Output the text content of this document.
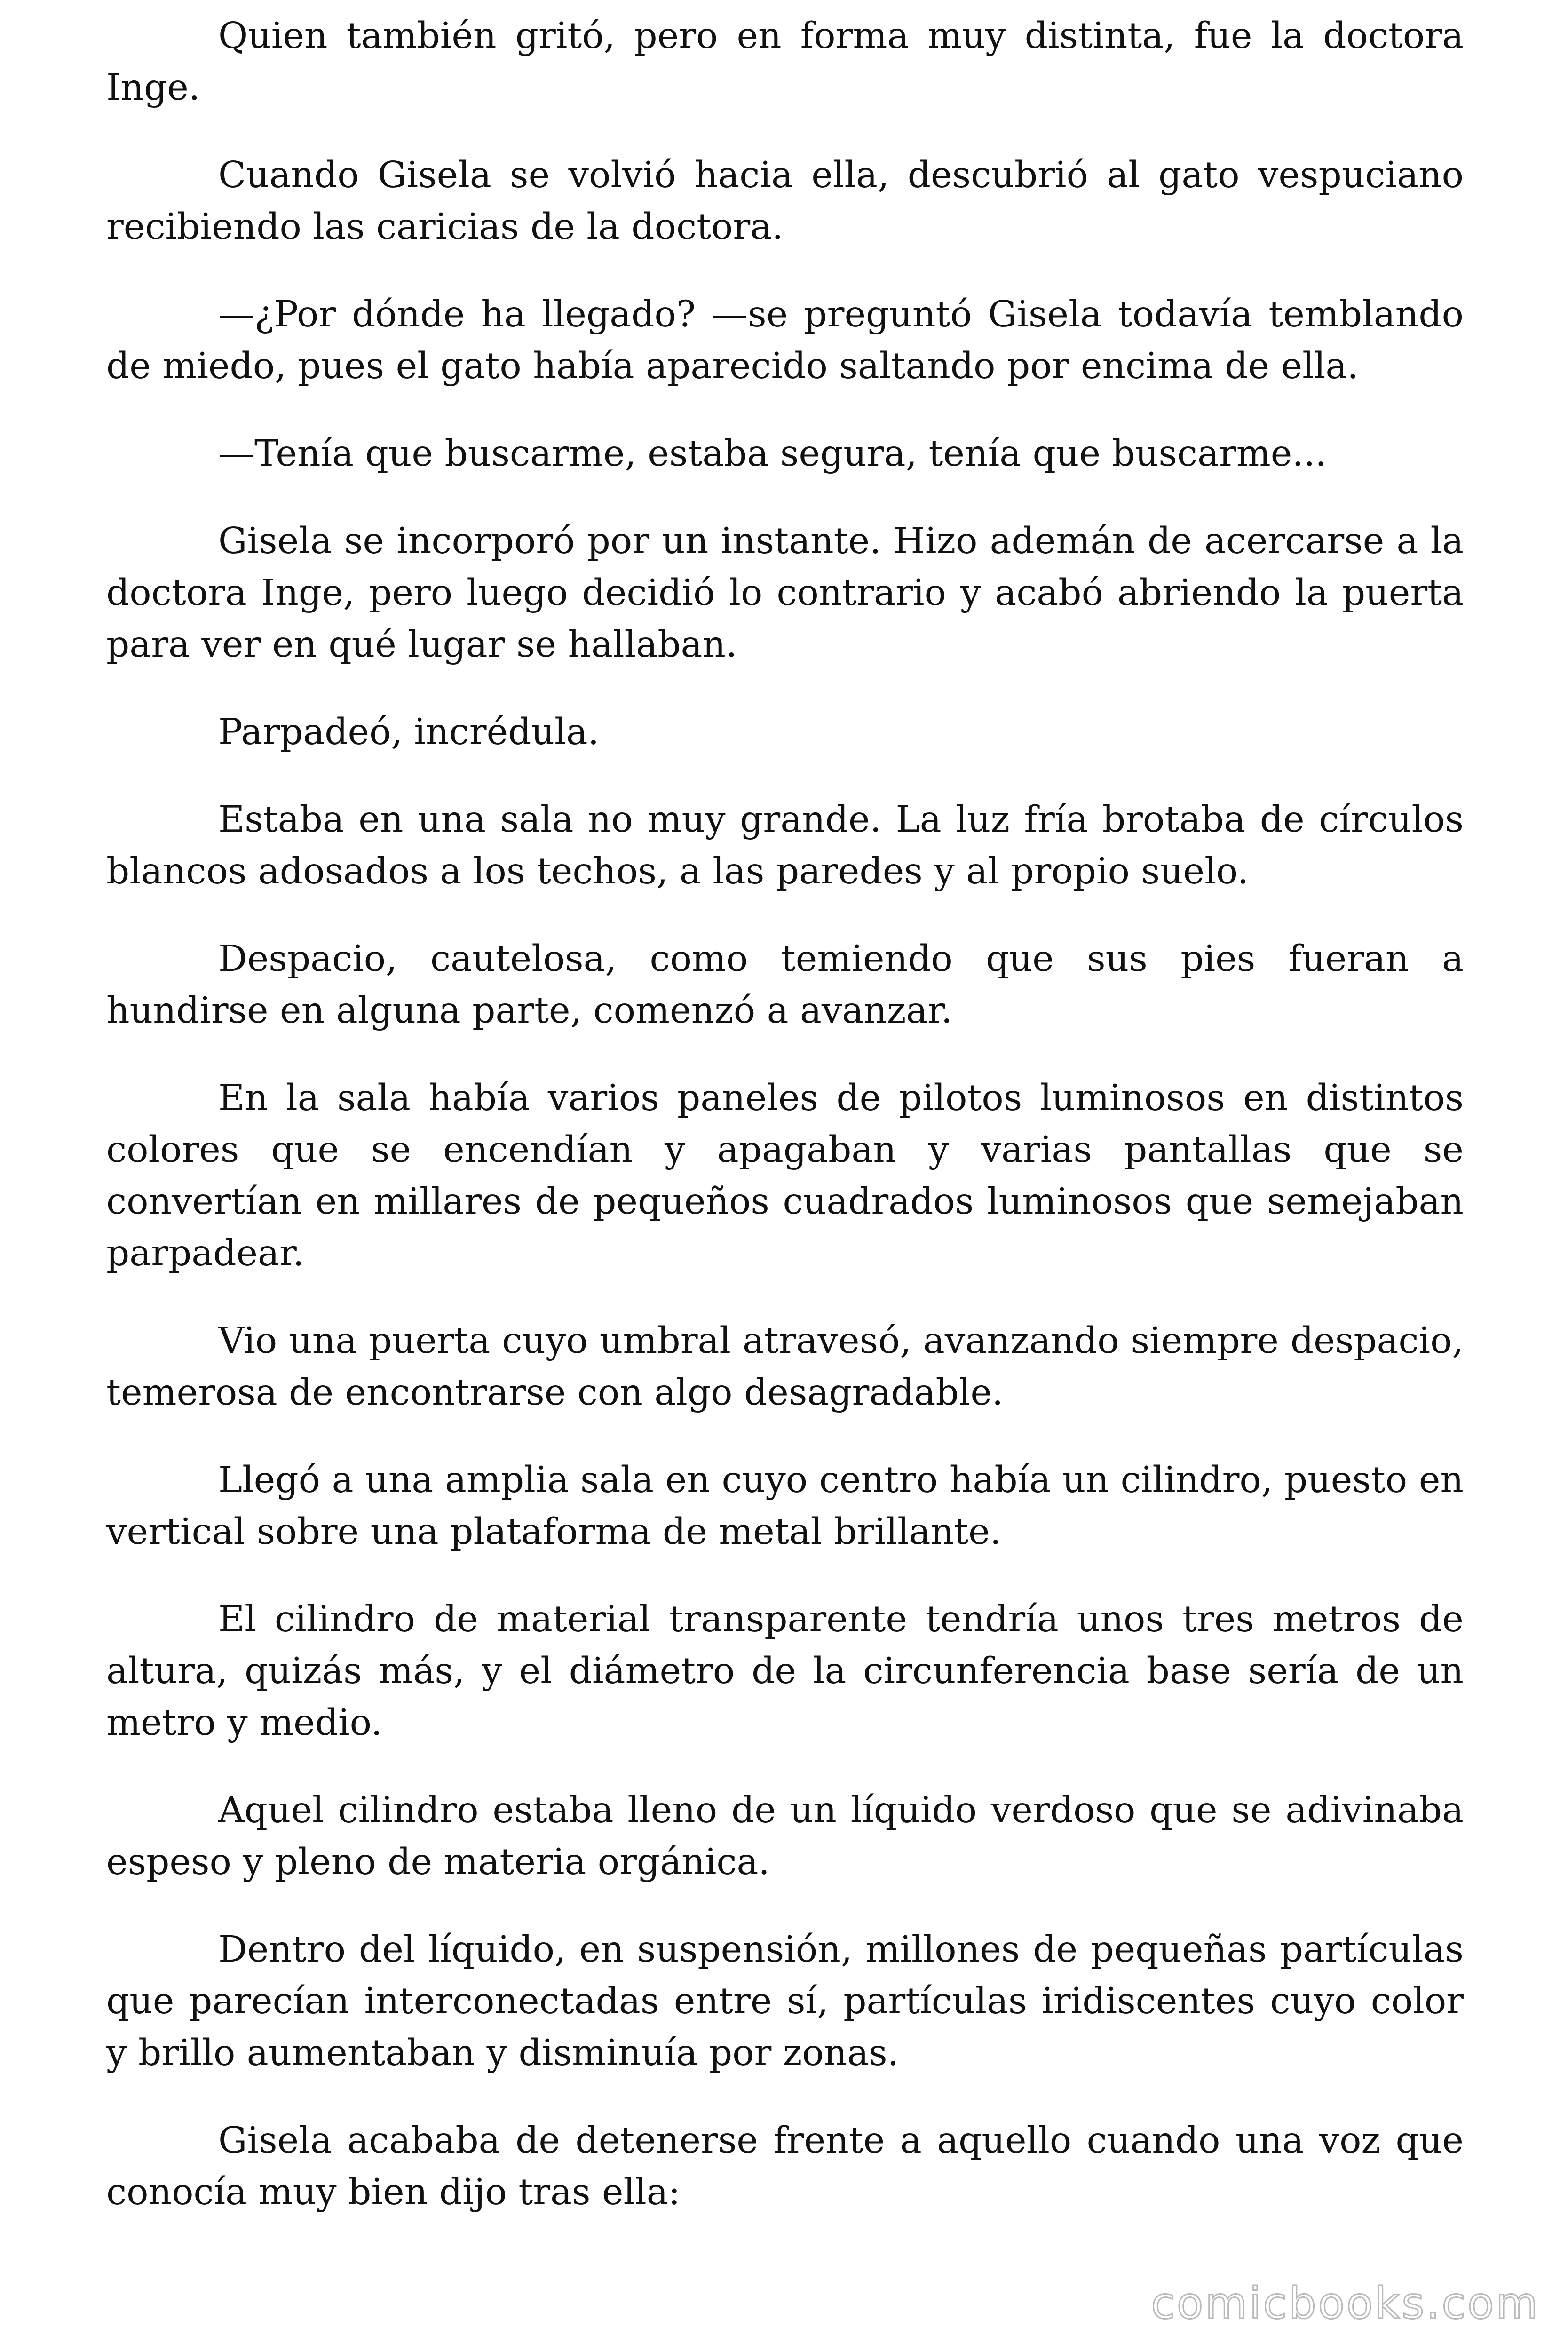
Quien también gritó, pero en forma muy distinta, fue la doctora Inge.

Cuando Gisela se volvió hacia ella, descubrió al gato vespuciano recibiendo las caricias de la doctora.

—¿Por dónde ha llegado? —se preguntó Gisela todavía temblando de miedo, pues el gato había aparecido saltando por encima de ella.

—Tenía que buscarme, estaba segura, tenía que buscarme...

Gisela se incorporó por un instante. Hizo ademán de acercarse a la doctora Inge, pero luego decidió lo contrario y acabó abriendo la puerta para ver en qué lugar se hallaban.

Parpadeó, incrédula.

Estaba en una sala no muy grande. La luz fría brotaba de círculos blancos adosados a los techos, a las paredes y al propio suelo.

Despacio, cautelosa, como temiendo que sus pies fueran a hundirse en alguna parte, comenzó a avanzar.

En la sala había varios paneles de pilotos luminosos en distintos colores que se encendían y apagaban y varias pantallas que se convertían en millares de pequeños cuadrados luminosos que semejaban parpadear.

Vio una puerta cuyo umbral atravesó, avanzando siempre despacio, temerosa de encontrarse con algo desagradable.

Llegó a una amplia sala en cuyo centro había un cilindro, puesto en vertical sobre una plataforma de metal brillante.

El cilindro de material transparente tendría unos tres metros de altura, quizás más, y el diámetro de la circunferencia base sería de un metro y medio.

Aquel cilindro estaba lleno de un líquido verdoso que se adivinaba espeso y pleno de materia orgánica.

Dentro del líquido, en suspensión, millones de pequeñas partículas que parecían interconectadas entre sí, partículas iridiscentes cuyo color y brillo aumentaban y disminuía por zonas.

Gisela acababa de detenerse frente a aquello cuando una voz que conocía muy bien dijo tras ella:

comicbooks.com
